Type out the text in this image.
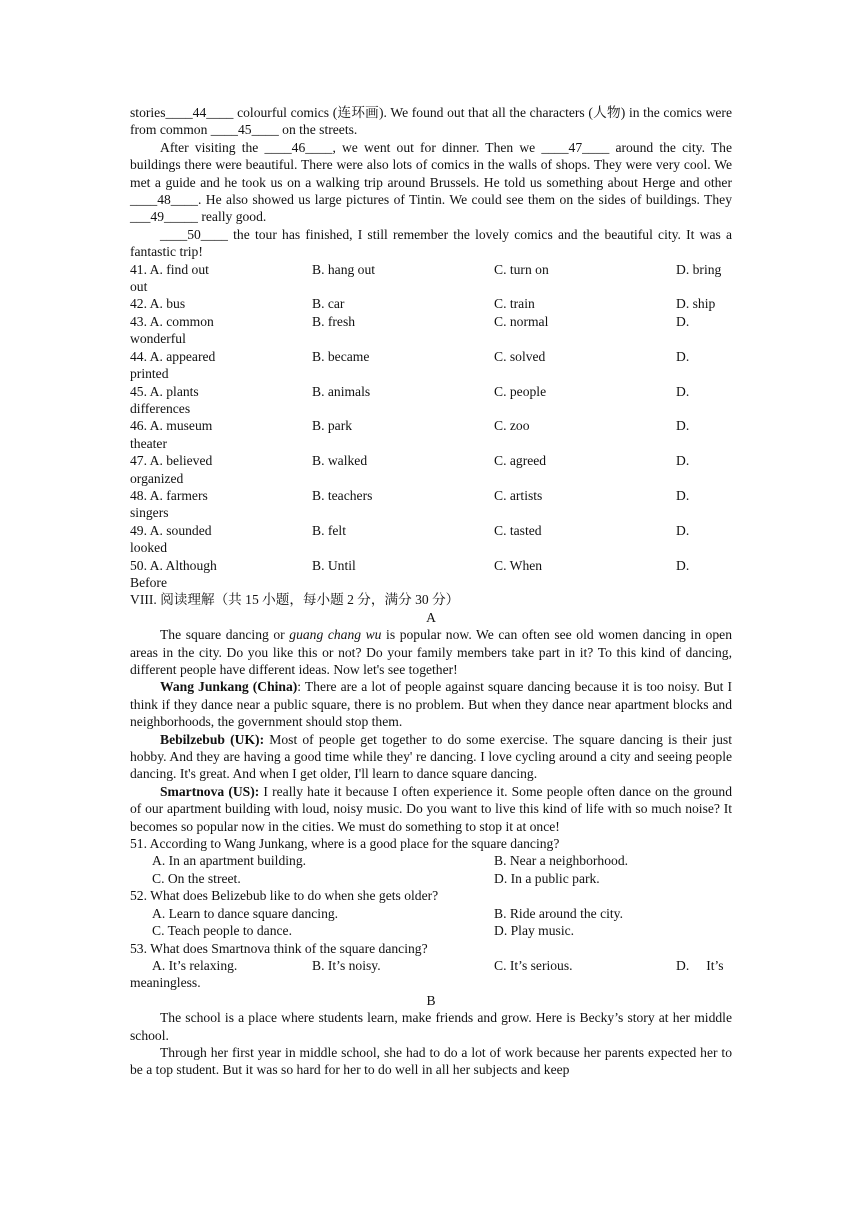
stories____44____ colourful comics (连环画). We found out that all the characters (人物) in the comics were from common ____45____ on the streets.

After visiting the ____46____, we went out for dinner. Then we ____47____ around the city. The buildings there were beautiful. There were also lots of comics in the walls of shops. They were very cool. We met a guide and he took us on a walking trip around Brussels. He told us something about Herge and other ____48____. He also showed us large pictures of Tintin. We could see them on the sides of buildings. They ___49_____ really good.

____50____ the tour has finished, I still remember the lovely comics and the beautiful city. It was a fantastic trip!

41. A. find out	B. hang out	C. turn on	D. bring
out
42. A. bus	B. car	C. train	D. ship
43. A. common	B. fresh	C. normal	D.
wonderful
44. A. appeared	B. became	C. solved	D.
printed
45. A. plants	B. animals	C. people	D.
differences
46. A. museum	B. park	C. zoo	D.
theater
47. A. believed	B. walked	C. agreed	D.
organized
48. A. farmers	B. teachers	C. artists	D.
singers
49. A. sounded	B. felt	C. tasted	D.
looked
50. A. Although	B. Until	C. When	D.
Before

VIII. 阅读理解（共 15 小题，每小题 2 分，满分 30 分）

A

The square dancing or guang chang wu is popular now. We can often see old women dancing in open areas in the city. Do you like this or not? Do your family members take part in it? To this kind of dancing, different people have different ideas. Now let's see together!

Wang Junkang (China): There are a lot of people against square dancing because it is too noisy. But I think if they dance near a public square, there is no problem. But when they dance near apartment blocks and neighborhoods, the government should stop them.

Bebilzebub (UK): Most of people get together to do some exercise. The square dancing is their just hobby. And they are having a good time while they' re dancing. I love cycling around a city and seeing people dancing. It's great. And when I get older, I'll learn to dance square dancing.

Smartnova (US): I really hate it because I often experience it. Some people often dance on the ground of our apartment building with loud, noisy music. Do you want to live this kind of life with so much noise? It becomes so popular now in the cities. We must do something to stop it at once!

51. According to Wang Junkang, where is a good place for the square dancing?

A. In an apartment building.	B. Near a neighborhood.
C. On the street.	D. In a public park.

52. What does Belizebub like to do when she gets older?

A. Learn to dance square dancing.	B. Ride around the city.
C. Teach people to dance.	D. Play music.

53. What does Smartnova think of the square dancing?

A. It’s relaxing.	B. It’s noisy.	C. It’s serious.	D.     It’s

meaningless.

B

The school is a place where students learn, make friends and grow. Here is Becky’s story at her middle school.

Through her first year in middle school, she had to do a lot of work because her parents expected her to be a top student. But it was so hard for her to do well in all her subjects and keep
